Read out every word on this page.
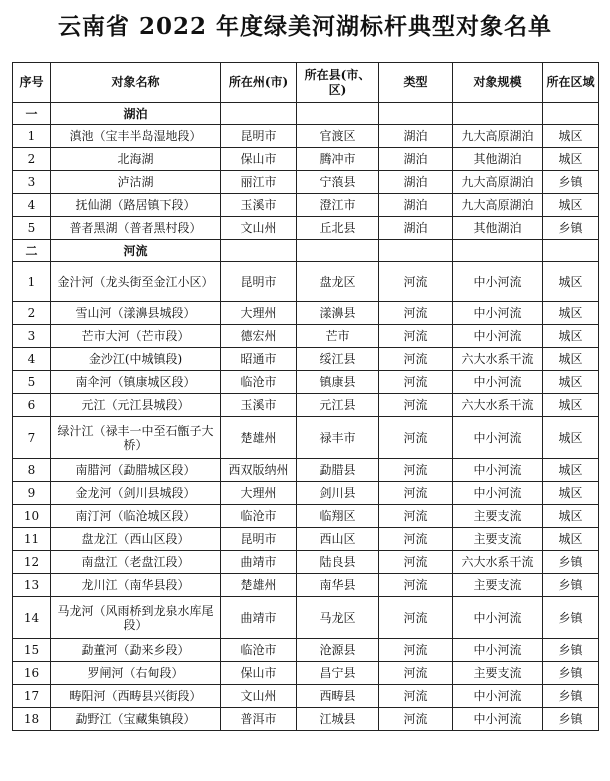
云南省 2022 年度绿美河湖标杆典型对象名单
序号	对象名称	所在州(市)	所在县(市、区)	类型	对象规模	所在区域
一	湖泊					
1	滇池（宝丰半岛湿地段）	昆明市	官渡区	湖泊	九大高原湖泊	城区
2	北海湖	保山市	腾冲市	湖泊	其他湖泊	城区
3	泸沽湖	丽江市	宁蒗县	湖泊	九大高原湖泊	乡镇
4	抚仙湖（路居镇下段）	玉溪市	澄江市	湖泊	九大高原湖泊	城区
5	普者黑湖（普者黑村段）	文山州	丘北县	湖泊	其他湖泊	乡镇
二	河流					
1	金汁河（龙头街至金江小区）	昆明市	盘龙区	河流	中小河流	城区
2	雪山河（漾濞县城段）	大理州	漾濞县	河流	中小河流	城区
3	芒市大河（芒市段）	德宏州	芒市	河流	中小河流	城区
4	金沙江(中城镇段)	昭通市	绥江县	河流	六大水系干流	城区
5	南伞河（镇康城区段）	临沧市	镇康县	河流	中小河流	城区
6	元江（元江县城段）	玉溪市	元江县	河流	六大水系干流	城区
7	绿汁江（禄丰一中至石甑子大桥）	楚雄州	禄丰市	河流	中小河流	城区
8	南腊河（勐腊城区段）	西双版纳州	勐腊县	河流	中小河流	城区
9	金龙河（剑川县城段）	大理州	剑川县	河流	中小河流	城区
10	南汀河（临沧城区段）	临沧市	临翔区	河流	主要支流	城区
11	盘龙江（西山区段）	昆明市	西山区	河流	主要支流	城区
12	南盘江（老盘江段）	曲靖市	陆良县	河流	六大水系干流	乡镇
13	龙川江（南华县段）	楚雄州	南华县	河流	主要支流	乡镇
14	马龙河（风雨桥到龙泉水库尾段）	曲靖市	马龙区	河流	中小河流	乡镇
15	勐董河（勐来乡段）	临沧市	沧源县	河流	中小河流	乡镇
16	罗闸河（右甸段）	保山市	昌宁县	河流	主要支流	乡镇
17	畴阳河（西畴县兴街段）	文山州	西畴县	河流	中小河流	乡镇
18	勐野江（宝藏集镇段）	普洱市	江城县	河流	中小河流	乡镇
